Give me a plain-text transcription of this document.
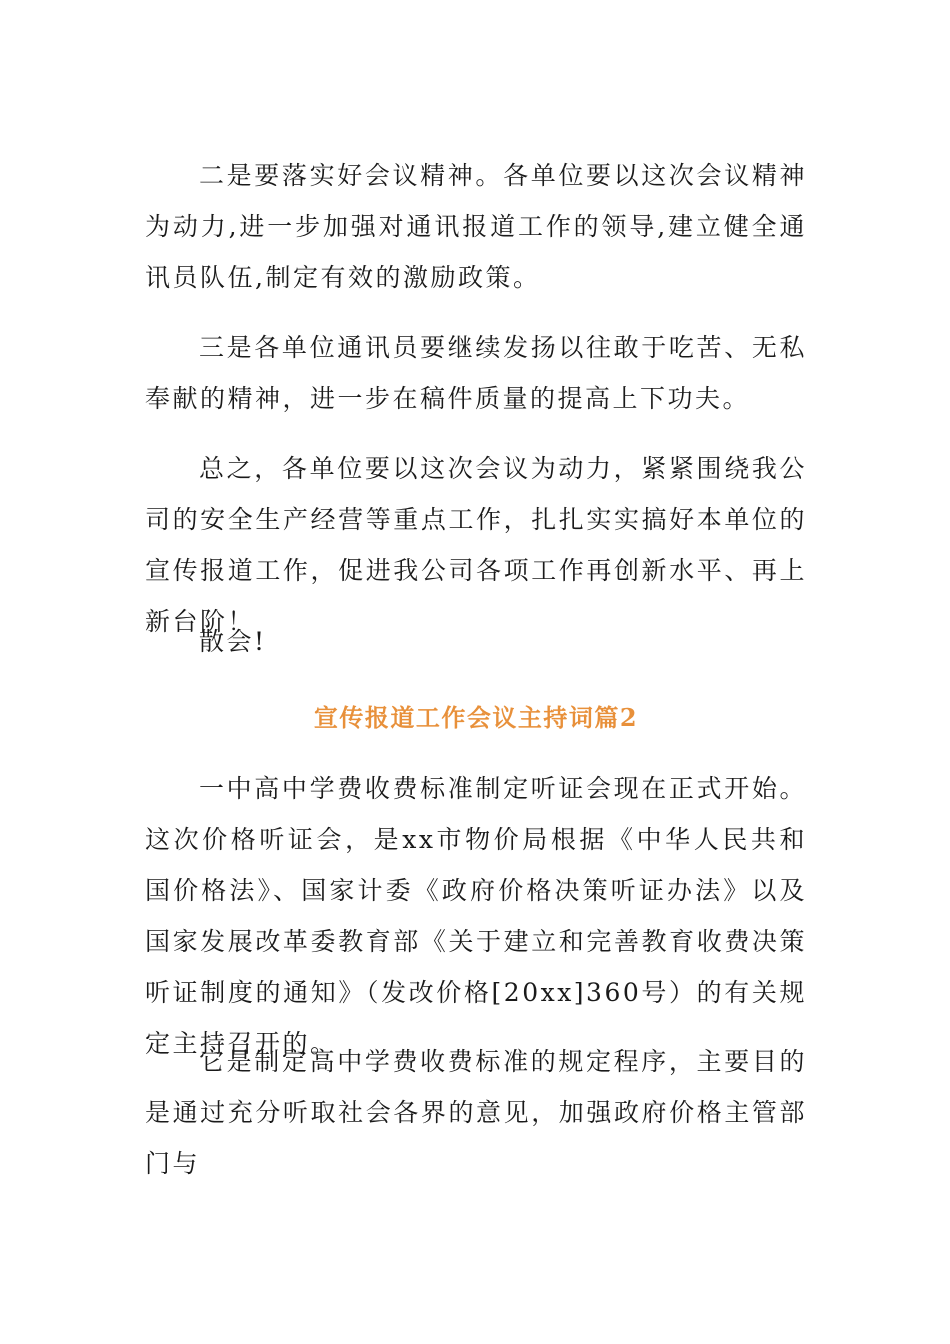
二是要落实好会议精神。各单位要以这次会议精神为动力,进一步加强对通讯报道工作的领导,建立健全通讯员队伍,制定有效的激励政策。

三是各单位通讯员要继续发扬以往敢于吃苦、无私奉献的精神，进一步在稿件质量的提高上下功夫。

总之，各单位要以这次会议为动力，紧紧围绕我公司的安全生产经营等重点工作，扎扎实实搞好本单位的宣传报道工作，促进我公司各项工作再创新水平、再上新台阶！

散会!

宣传报道工作会议主持词篇2

一中高中学费收费标准制定听证会现在正式开始。这次价格听证会，是xx市物价局根据《中华人民共和国价格法》、国家计委《政府价格决策听证办法》以及国家发展改革委教育部《关于建立和完善教育收费决策听证制度的通知》（发改价格[20xx]360号）的有关规定主持召开的。

它是制定高中学费收费标准的规定程序，主要目的是通过充分听取社会各界的意见，加强政府价格主管部门与
